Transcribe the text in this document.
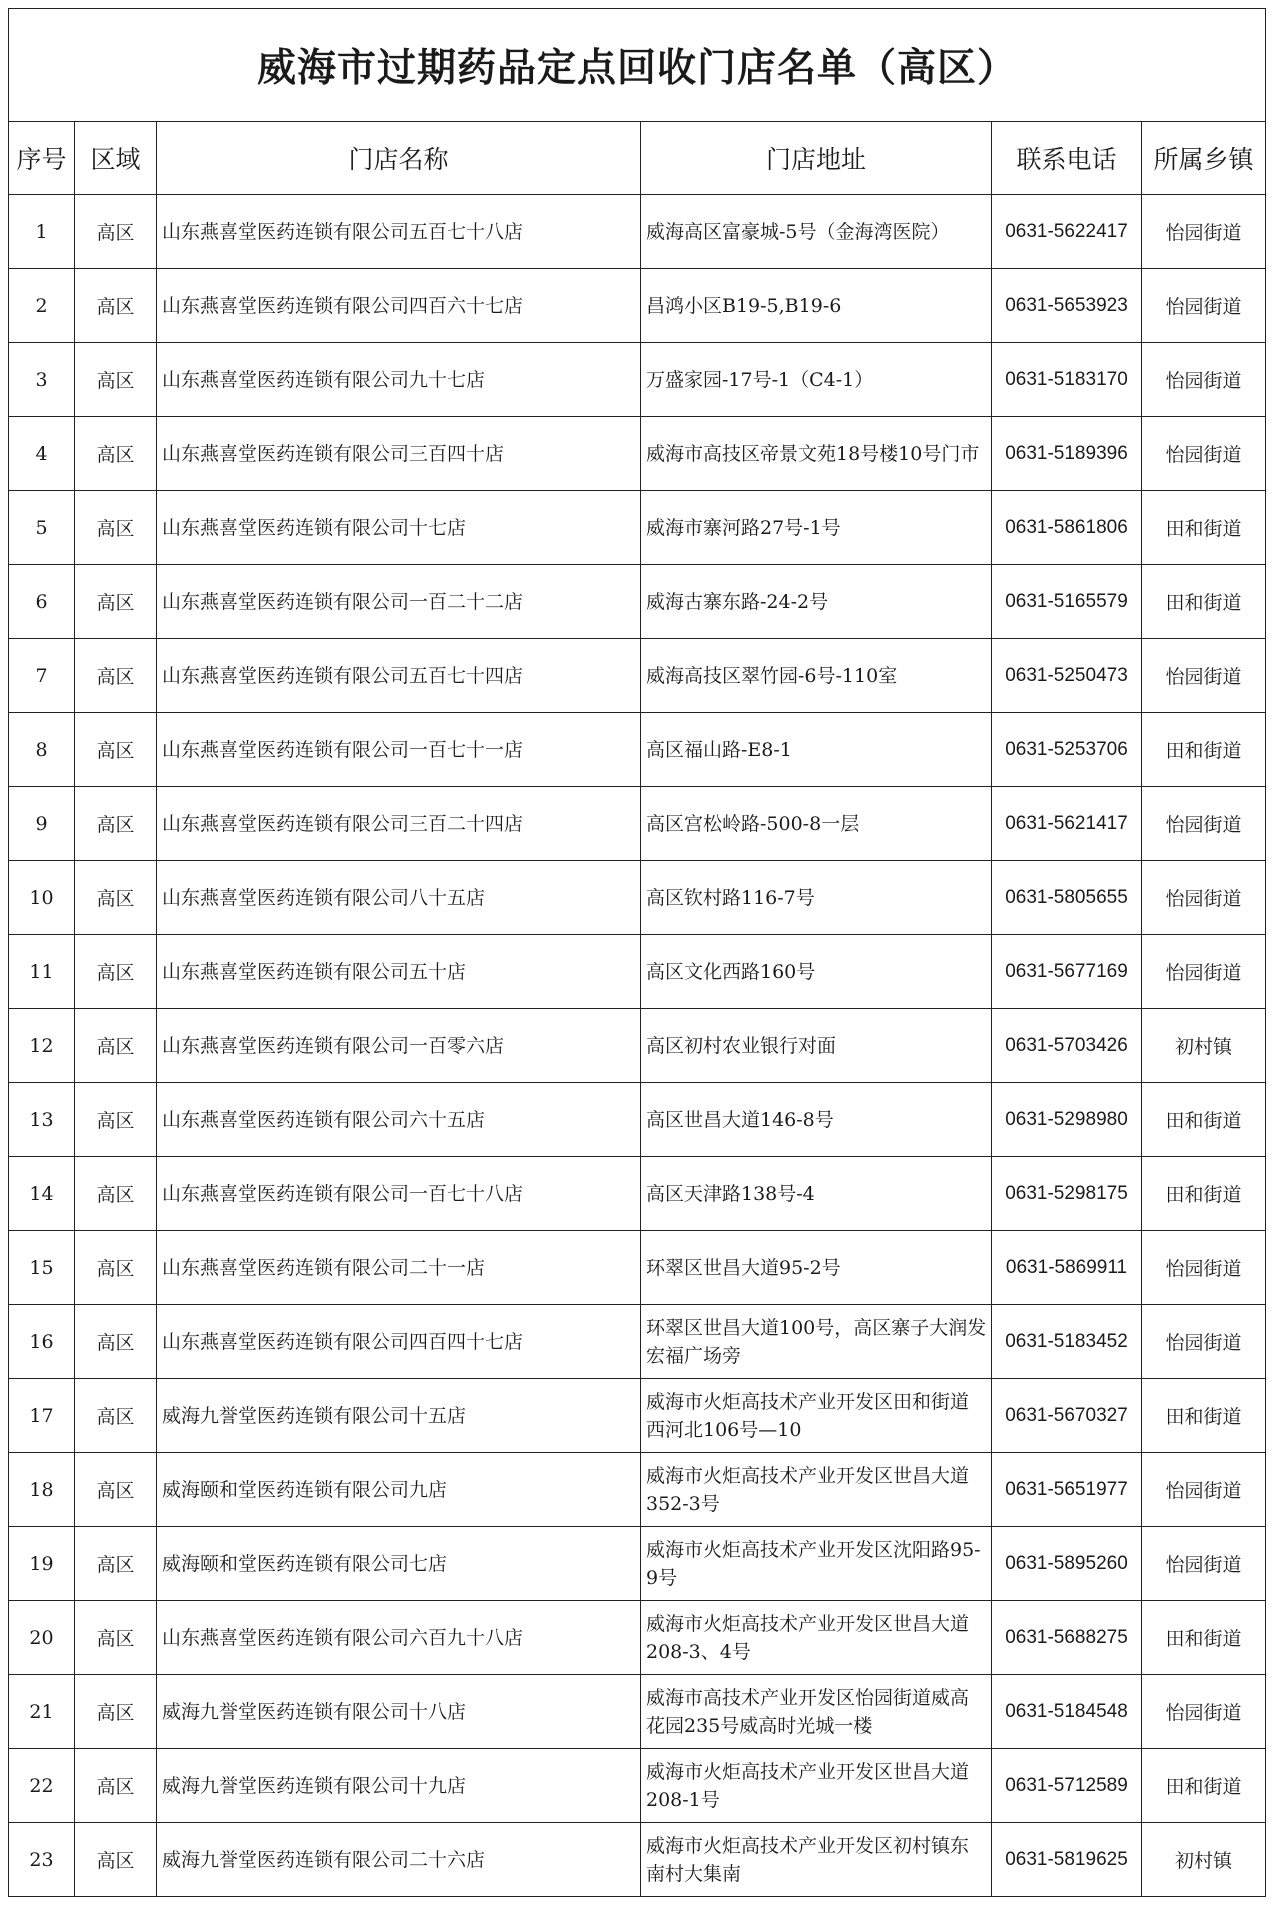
威海市过期药品定点回收门店名单（高区）					
序号	区域	门店名称	门店地址	联系电话	所属乡镇
1	高区	山东燕喜堂医药连锁有限公司五百七十八店	威海高区富豪城-5号（金海湾医院）	0631-5622417	怡园街道
2	高区	山东燕喜堂医药连锁有限公司四百六十七店	昌鸿小区B19-5,B19-6	0631-5653923	怡园街道
3	高区	山东燕喜堂医药连锁有限公司九十七店	万盛家园-17号-1（C4-1）	0631-5183170	怡园街道
4	高区	山东燕喜堂医药连锁有限公司三百四十店	威海市高技区帝景文苑18号楼10号门市	0631-5189396	怡园街道
5	高区	山东燕喜堂医药连锁有限公司十七店	威海市寨河路27号-1号	0631-5861806	田和街道
6	高区	山东燕喜堂医药连锁有限公司一百二十二店	威海古寨东路-24-2号	0631-5165579	田和街道
7	高区	山东燕喜堂医药连锁有限公司五百七十四店	威海高技区翠竹园-6号-110室	0631-5250473	怡园街道
8	高区	山东燕喜堂医药连锁有限公司一百七十一店	高区福山路-E8-1	0631-5253706	田和街道
9	高区	山东燕喜堂医药连锁有限公司三百二十四店	高区宫松岭路-500-8一层	0631-5621417	怡园街道
10	高区	山东燕喜堂医药连锁有限公司八十五店	高区钦村路116-7号	0631-5805655	怡园街道
11	高区	山东燕喜堂医药连锁有限公司五十店	高区文化西路160号	0631-5677169	怡园街道
12	高区	山东燕喜堂医药连锁有限公司一百零六店	高区初村农业银行对面	0631-5703426	初村镇
13	高区	山东燕喜堂医药连锁有限公司六十五店	高区世昌大道146-8号	0631-5298980	田和街道
14	高区	山东燕喜堂医药连锁有限公司一百七十八店	高区天津路138号-4	0631-5298175	田和街道
15	高区	山东燕喜堂医药连锁有限公司二十一店	环翠区世昌大道95-2号	0631-5869911	怡园街道
16	高区	山东燕喜堂医药连锁有限公司四百四十七店	环翠区世昌大道100号，高区寨子大润发宏福广场旁	0631-5183452	怡园街道
17	高区	威海九誉堂医药连锁有限公司十五店	威海市火炬高技术产业开发区田和街道西河北106号—10	0631-5670327	田和街道
18	高区	威海颐和堂医药连锁有限公司九店	威海市火炬高技术产业开发区世昌大道352-3号	0631-5651977	怡园街道
19	高区	威海颐和堂医药连锁有限公司七店	威海市火炬高技术产业开发区沈阳路95-9号	0631-5895260	怡园街道
20	高区	山东燕喜堂医药连锁有限公司六百九十八店	威海市火炬高技术产业开发区世昌大道208-3、4号	0631-5688275	田和街道
21	高区	威海九誉堂医药连锁有限公司十八店	威海市高技术产业开发区怡园街道威高花园235号威高时光城一楼	0631-5184548	怡园街道
22	高区	威海九誉堂医药连锁有限公司十九店	威海市火炬高技术产业开发区世昌大道208-1号	0631-5712589	田和街道
23	高区	威海九誉堂医药连锁有限公司二十六店	威海市火炬高技术产业开发区初村镇东南村大集南	0631-5819625	初村镇
